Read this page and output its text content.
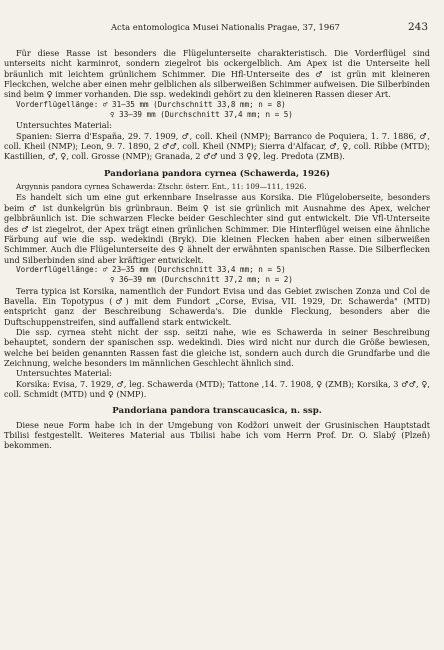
Acta entomologica Musei Nationalis Pragae, 37, 1967	243

Für diese Rasse ist besonders die Flügelunterseite charakteristisch. Die Vorderflügel sind unterseits nicht karminrot, sondern ziegelrot bis ockergelblich. Am Apex ist die Unterseite hell bräunlich mit leichtem grünlichem Schimmer. Die Hfl-Unterseite des ♂ ist grün mit kleineren Fleckchen, welche aber einen mehr gelblichen als silberweißen Schimmer aufweisen. Die Silberbinden sind beim ♀ immer vorhanden. Die ssp. wedekindi gehört zu den kleineren Rassen dieser Art.

Vorderflügellänge: ♂ 31—35 mm (Durchschnitt 33,8 mm; n = 8)

♀ 33—39 mm (Durchschnitt 37,4 mm; n = 5)

Untersuchtes Material:

Spanien: Sierra d'España, 29. 7. 1909, ♂, coll. Kheil (NMP); Barranco de Poquiera, 1. 7. 1886, ♂, coll. Kheil (NMP); Leon, 9. 7. 1890, 2 ♂♂, coll. Kheil (NMP); Sierra d'Alfacar, ♂, ♀, coll. Ribbe (MTD); Kastillien, ♂, ♀, coll. Grosse (NMP); Granada, 2 ♂♂ und 3 ♀♀, leg. Predota (ZMB).

Pandoriana pandora cyrnea (Schawerda, 1926)

Argynnis pandora cyrnea Schawerda: Ztschr. österr. Ent., 11: 109—111, 1926.

Es handelt sich um eine gut erkennbare Inselrasse aus Korsika. Die Flügeloberseite, besonders beim ♂ ist dunkelgrün bis grünbraun. Beim ♀ ist sie grünlich mit Ausnahme des Apex, welcher gelbbräunlich ist. Die schwarzen Flecke beider Geschlechter sind gut entwickelt. Die Vfl-Unterseite des ♂ ist ziegelrot, der Apex trägt einen grünlichen Schimmer. Die Hinterflügel weisen eine ähnliche Färbung auf wie die ssp. wedekindi (Bryk). Die kleinen Flecken haben aber einen silberweißen Schimmer. Auch die Flügelunterseite des ♀ ähnelt der erwähnten spanischen Rasse. Die Silberflecken und Silberbinden sind aber kräftiger entwickelt.

Vorderflügellänge: ♂ 23—35 mm (Durchschnitt 33,4 mm; n = 5)

♀ 36—39 mm (Durchschnitt 37,2 mm; n = 2)

Terra typica ist Korsika, namentlich der Fundort Evisa und das Gebiet zwischen Zonza und Col de Bavella. Ein Topotypus (♂) mit dem Fundort „Corse, Evisa, VII. 1929, Dr. Schawerda" (MTD) entspricht ganz der Beschreibung Schawerda's. Die dunkle Fleckung, besonders aber die Duftschuppenstreifen, sind auffallend stark entwickelt.

Die ssp. cyrnea steht nicht der ssp. seitzi nahe, wie es Schawerda in seiner Beschreibung behauptet, sondern der spanischen ssp. wedekindi. Dies wird nicht nur durch die Größe bewiesen, welche bei beiden genannten Rassen fast die gleiche ist, sondern auch durch die Grundfarbe und die Zeichnung, welche besonders im männlichen Geschlecht ähnlich sind.

Untersuchtes Material:

Korsika: Evisa, 7. 1929, ♂, leg. Schawerda (MTD); Tattone ,14. 7. 1908, ♀ (ZMB); Korsika, 3 ♂♂, ♀, coll. Schmidt (MTD) und ♀ (NMP).

Pandoriana pandora transcaucasica, n. ssp.

Diese neue Form habe ich in der Umgebung von Kodžori unweit der Grusinischen Hauptstadt Tbilisi festgestellt. Weiteres Material aus Tbilisi habe ich vom Herrn Prof. Dr. O. Slabý (Plzeň) bekommen.
